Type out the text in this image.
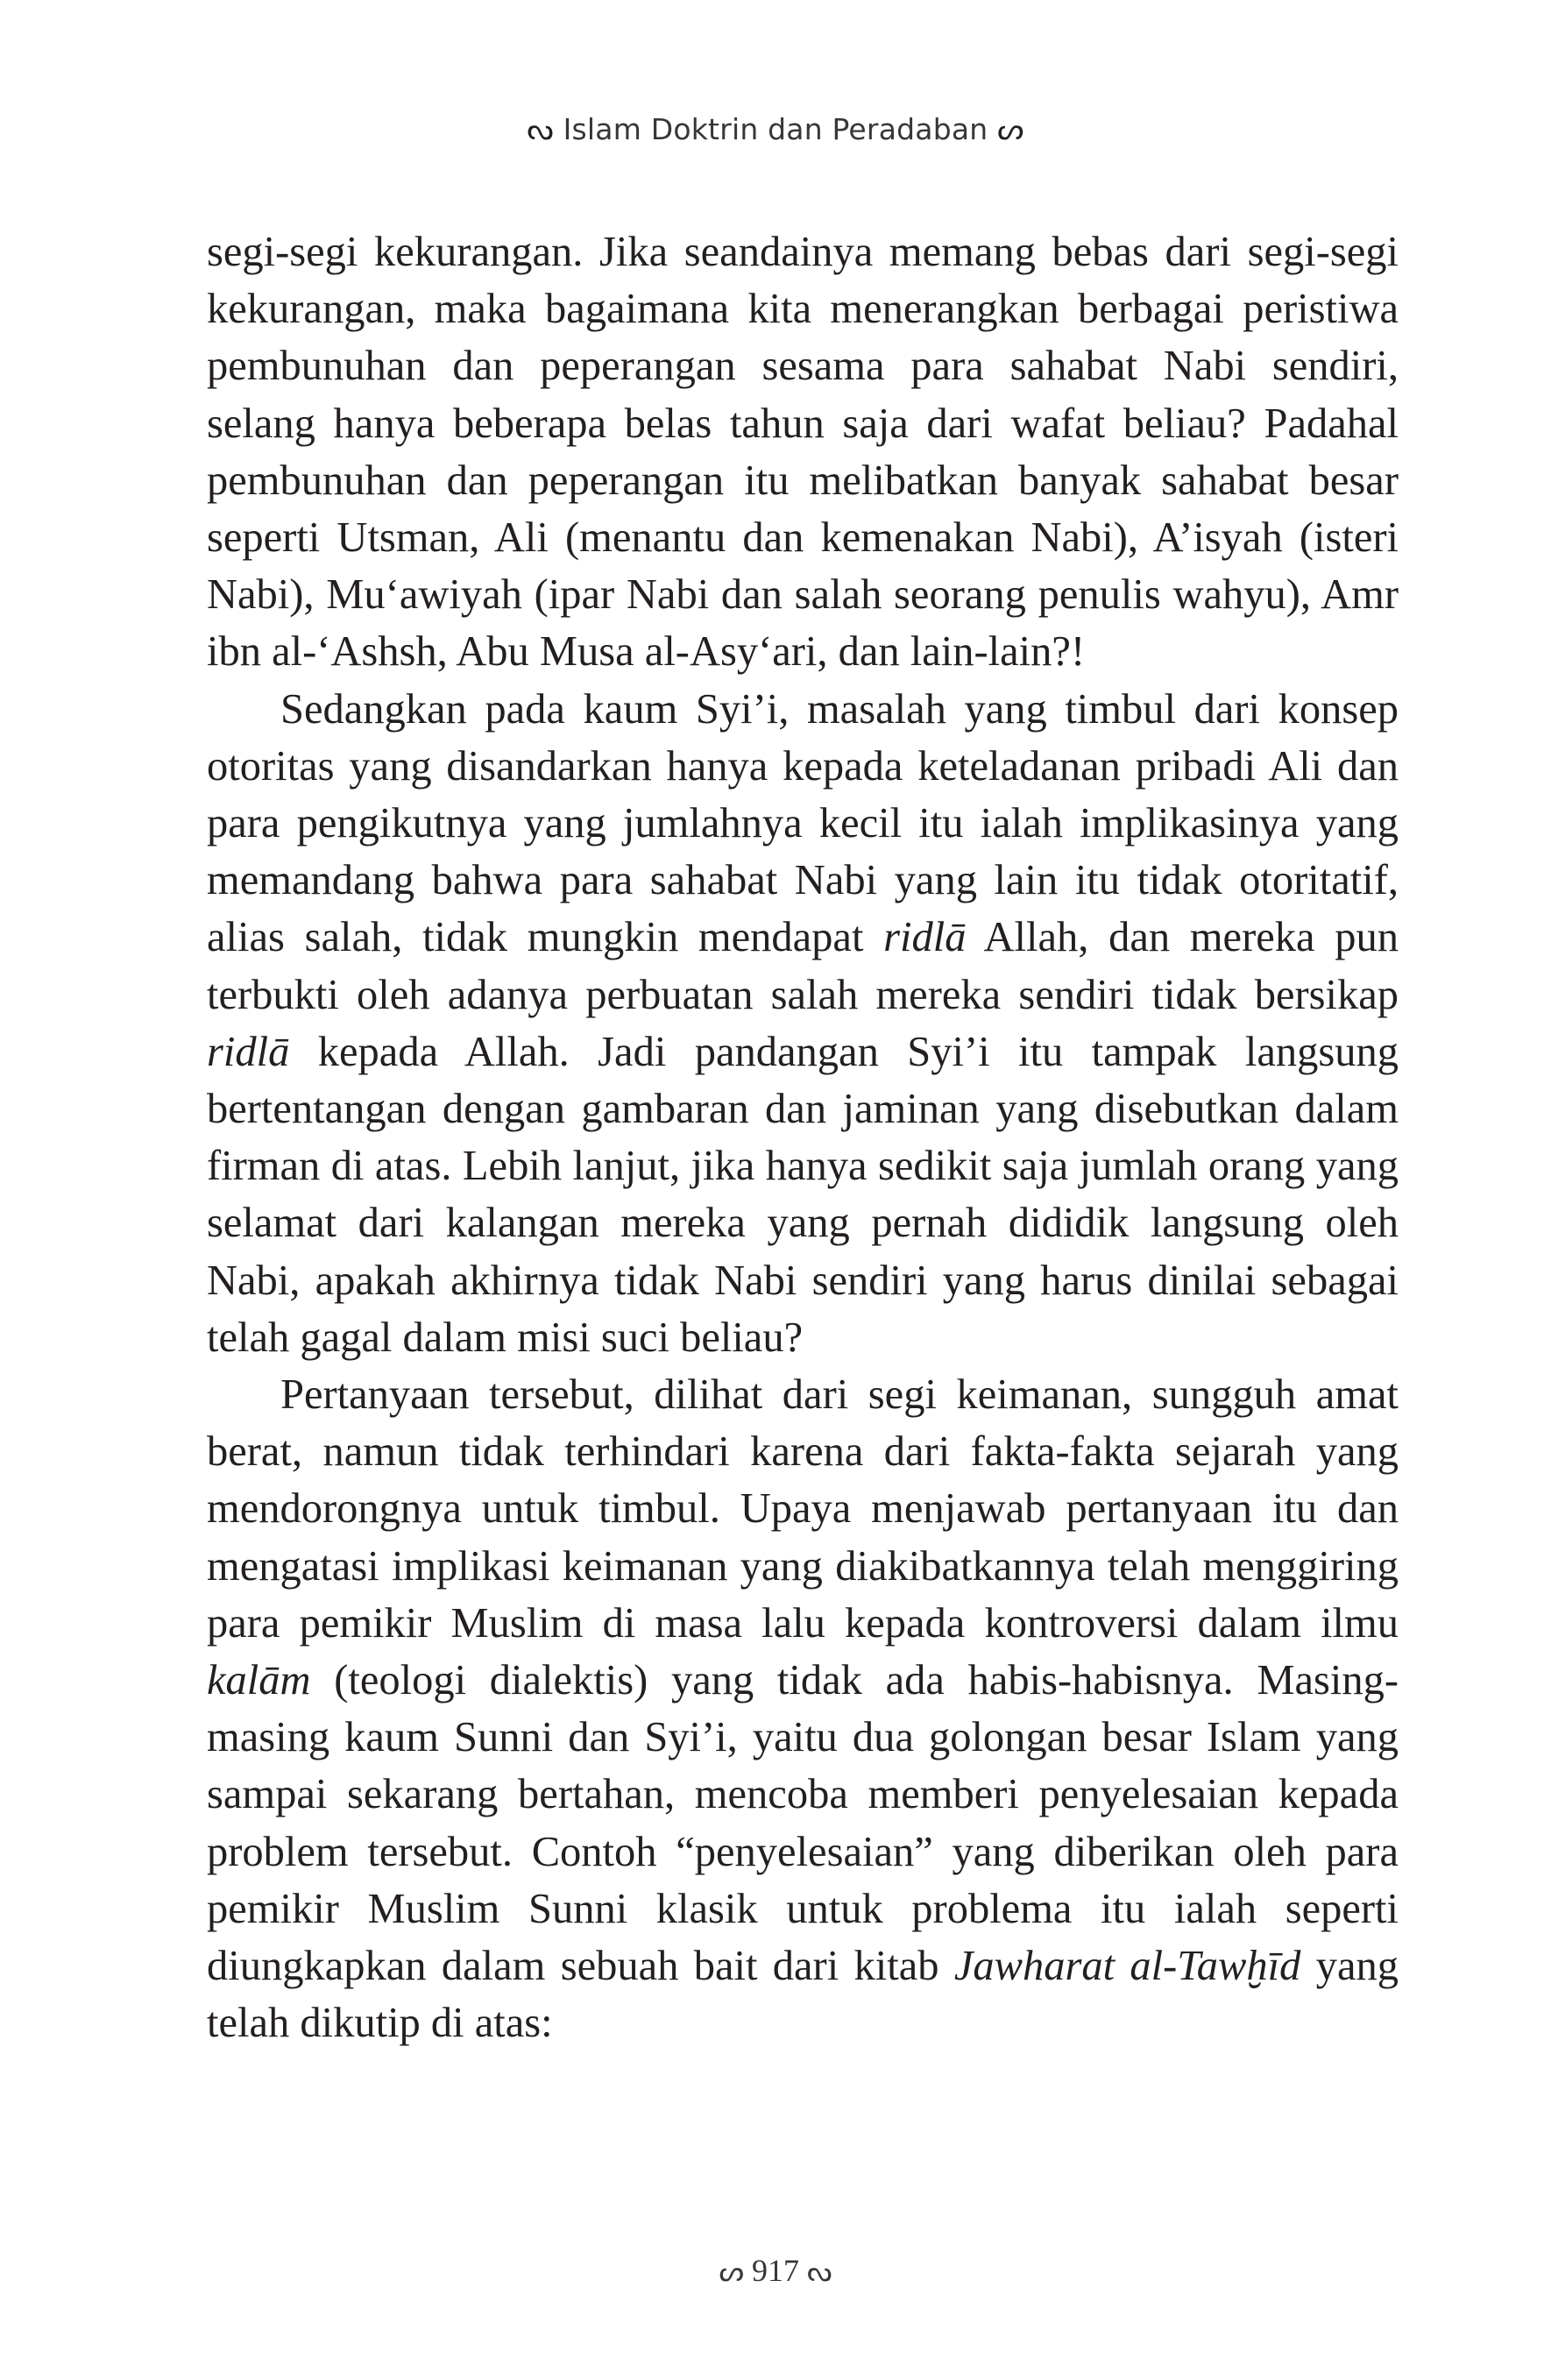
ᔓ Islam Doktrin dan Peradaban ᔕ

segi-segi kekurangan. Jika seandainya memang bebas dari segi-segi kekurangan, maka bagaimana kita menerangkan berbagai peristiwa pembunuhan dan peperangan sesama para sahabat Nabi sendiri, selang hanya beberapa belas tahun saja dari wafat beliau? Padahal pembunuhan dan peperangan itu melibatkan banyak sahabat besar seperti Utsman, Ali (menantu dan kemenakan Nabi), A’isyah (isteri Nabi), Mu‘awiyah (ipar Nabi dan salah seorang penulis wahyu), Amr ibn al-‘Ashsh, Abu Musa al-Asy‘ari, dan lain-lain?!

Sedangkan pada kaum Syi’i, masalah yang timbul dari konsep otoritas yang disandarkan hanya kepada keteladanan pribadi Ali dan para pengikutnya yang jumlahnya kecil itu ialah implikasinya yang memandang bahwa para sahabat Nabi yang lain itu tidak otoritatif, alias salah, tidak mungkin mendapat ridlā Allah, dan mereka pun terbukti oleh adanya perbuatan salah mereka sendiri tidak bersikap ridlā kepada Allah. Jadi pandangan Syi’i itu tampak langsung bertentangan dengan gambaran dan jaminan yang disebutkan dalam firman di atas. Lebih lanjut, jika hanya sedikit saja jumlah orang yang selamat dari kalangan mereka yang pernah dididik langsung oleh Nabi, apakah akhirnya tidak Nabi sendiri yang harus dinilai sebagai telah gagal dalam misi suci beliau?

Pertanyaan tersebut, dilihat dari segi keimanan, sungguh amat berat, namun tidak terhindari karena dari fakta-fakta sejarah yang mendorongnya untuk timbul. Upaya menjawab pertanyaan itu dan mengatasi implikasi keimanan yang diakibatkannya telah menggiring para pemikir Muslim di masa lalu kepada kontroversi dalam ilmu kalām (teologi dialektis) yang tidak ada habis-habisnya. Masing-masing kaum Sunni dan Syi’i, yaitu dua golongan besar Islam yang sampai sekarang bertahan, mencoba memberi penyelesaian kepada problem tersebut. Contoh “penyelesaian” yang diberikan oleh para pemikir Muslim Sunni klasik untuk problema itu ialah seperti diungkapkan dalam sebuah bait dari kitab Jawharat al-Tawḫīd yang telah dikutip di atas:

ᔕ 917 ᔓ
